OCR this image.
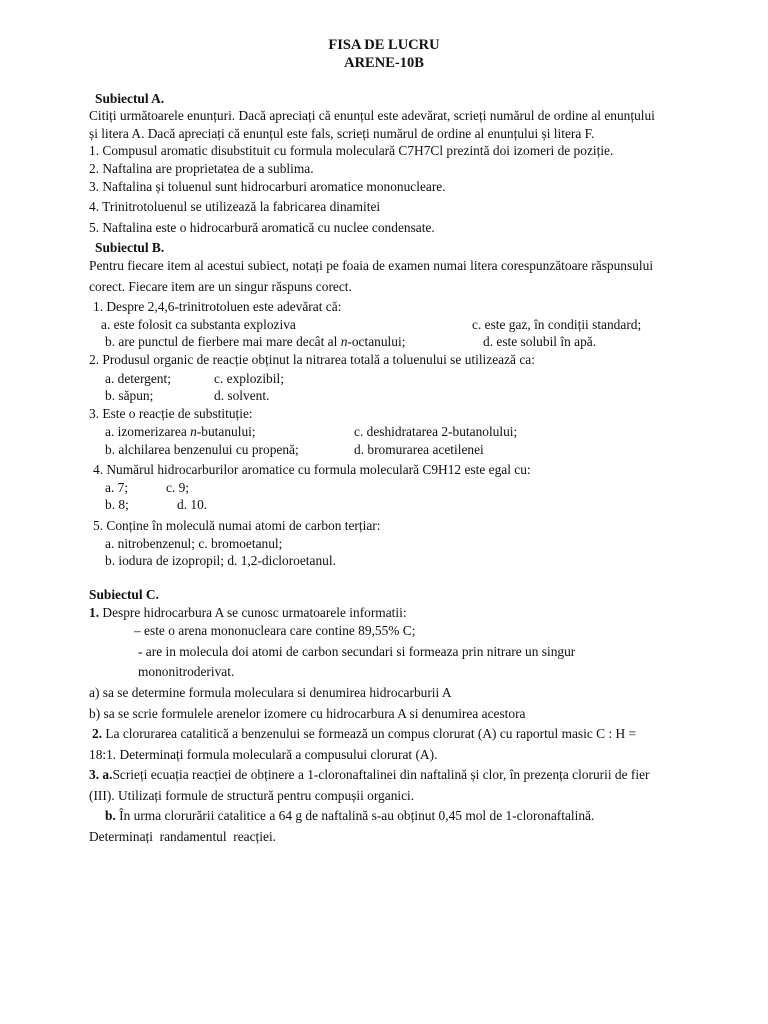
FISA DE LUCRU
ARENE-10B
Subiectul A.
Citiți următoarele enunțuri. Dacă apreciați că enunțul este adevărat, scrieți numărul de ordine al enunțului
și litera A. Dacă apreciați că enunțul este fals, scrieți numărul de ordine al enunțului și litera F.
1. Compusul aromatic disubstituit cu formula moleculară C7H7Cl prezintă doi izomeri de poziție.
2. Naftalina are proprietatea de a sublima.
3. Naftalina și toluenul sunt hidrocarburi aromatice mononucleare.
4. Trinitrotoluenul se utilizează la fabricarea dinamitei
5. Naftalina este o hidrocarbură aromatică cu nuclee condensate.
Subiectul B.
Pentru fiecare item al acestui subiect, notați pe foaia de examen numai litera corespunzătoare răspunsului
corect. Fiecare item are un singur răspuns corect.
1. Despre 2,4,6-trinitrotoluen este adevărat că:
a. este folosit ca substanta exploziva	c. este gaz, în condiții standard;
b. are punctul de fierbere mai mare decât al n-octanului;	d. este solubil în apă.
2. Produsul organic de reacție obținut la nitrarea totală a toluenului se utilizează ca:
a. detergent;	c. explozibil;
b. săpun;	d. solvent.
3. Este o reacție de substituție:
a. izomerizarea n-butanului;	c. deshidratarea 2-butanolului;
b. alchilarea benzenului cu propenă;	d. bromurarea acetilenei
4. Numărul hidrocarburilor aromatice cu formula moleculară C9H12 este egal cu:
a. 7;	c. 9;
b. 8;	d. 10.
5. Conține în moleculă numai atomi de carbon terțiar:
a. nitrobenzenul; c. bromoetanul;
b. iodura de izopropil; d. 1,2-dicloroetanul.
Subiectul C.
1. Despre hidrocarbura A se cunosc urmatoarele informatii:
– este o arena mononucleara care contine 89,55% C;
- are in molecula doi atomi de carbon secundari si formeaza prin nitrare un singur
mononitroderivat.
a) sa se determine formula moleculara si denumirea hidrocarburii A
b) sa se scrie formulele arenelor izomere cu hidrocarbura A si denumirea acestora
2. La clorurarea catalitică a benzenului se formează un compus clorurat (A) cu raportul masic C : H =
18:1. Determinați formula moleculară a compusului clorurat (A).
3. a.Scrieți ecuația reacției de obținere a 1-cloronaftalinei din naftalină și clor, în prezența clorurii de fier
(III). Utilizați formule de structură pentru compușii organici.
b. În urma clorurării catalitice a 64 g de naftalină s-au obținut 0,45 mol de 1-cloronaftalină.
Determinați  randamentul  reacției.
